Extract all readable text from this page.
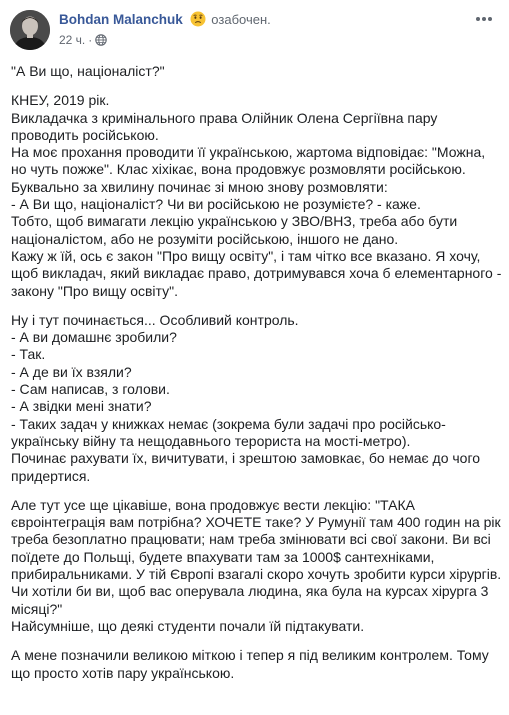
Bohdan Malanchuk озабочен.
22 ч. ·

"А Ви що, націоналіст?"

КНЕУ, 2019 рік.
Викладачка з кримінального права Олійник Олена Сергіївна пару проводить російською.
На моє прохання проводити її українською, жартома відповідає: "Можна, но чуть пожже". Клас хіхікає, вона продовжує розмовляти російською.
Буквально за хвилину починає зі мною знову розмовляти:
- А Ви що, націоналіст? Чи ви російською не розумієте? - каже.
Тобто, щоб вимагати лекцію українською у ЗВО/ВНЗ, треба або бути націоналістом, або не розуміти російською, іншого не дано.
Кажу ж їй, ось є закон "Про вищу освіту", і там чітко все вказано. Я хочу, щоб викладач, який викладає право, дотримувався хоча б елементарного - закону "Про вищу освіту".

Ну і тут починається... Особливий контроль.
- А ви домашнє зробили?
- Так.
- А де ви їх взяли?
- Сам написав, з голови.
- А звідки мені знати?
- Таких задач у книжках немає (зокрема були задачі про російсько-українську війну та нещодавнього терориста на мості-метро).
Починає рахувати їх, вичитувати, і зрештою замовкає, бо немає до чого придертися.

Але тут усе ще цікавіше, вона продовжує вести лекцію: "ТАКА євроінтеграція вам потрібна? ХОЧЕТЕ таке? У Румунії там 400 годин на рік треба безоплатно працювати; нам треба змінювати всі свої закони. Ви всі поїдете до Польщі, будете впахувати там за 1000$ сантехніками, прибиральниками. У тій Європі взагалі скоро хочуть зробити курси хірургів. Чи хотіли би ви, щоб вас оперувала людина, яка була на курсах хірурга 3 місяці?"
Найсумніше, що деякі студенти почали їй підтакувати.

А мене позначили великою міткою і тепер я під великим контролем. Тому що просто хотів пару українською.
